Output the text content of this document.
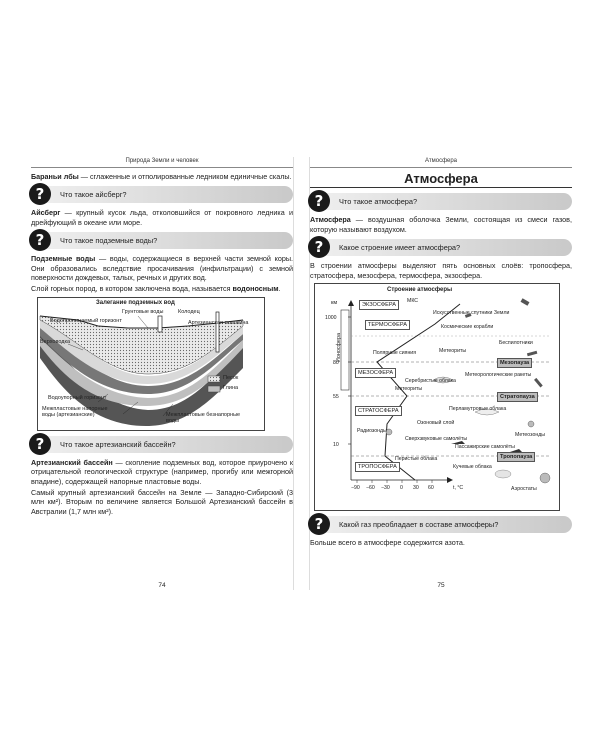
Природа Земли и человек

Бараньи лбы — сглаженные и отполированные ледником единичные скалы.

?	Что такое айсберг?

Айсберг — крупный кусок льда, отколовшийся от покровного ледника и дрейфующий в океане или море.

?	Что такое подземные воды?

Подземные воды — воды, содержащиеся в верхней части земной коры. Они образовались вследствие просачивания (инфильтрации) с земной поверхности дождевых, талых, речных и других вод.

Слой горных пород, в котором заключена вода, называется водоносным.

Залегание подземных вод
Грунтовые воды	Колодец
Водопроницаемый горизонт	Артезианская скважина
Верховодка
Песок
Глина
Водоупорный горизонт
Межпластовые напорные воды (артезианские)	Межпластовые безнапорные воды
?	Что такое артезианский бассейн?

Артезианский бассейн — скопление подземных вод, которое приурочено к отрицательной геологической структуре (например, прогибу или межгорной впадине), содержащей напорные пластовые воды.

Самый крупный артезианский бассейн на Земле — Западно-Сибирский (3 млн км²). Вторым по величине является Большой Артезианский бассейн в Австралии (1,7 млн км²).

74
Атмосфера
Атмосфера
?	Что такое атмосфера?

Атмосфера — воздушная оболочка Земли, состоящая из смеси газов, которую называют воздухом.

?	Какое строение имеет атмосфера?

В строении атмосферы выделяют пять основных слоёв: тропосфера, стратосфера, мезосфера, термосфера, экзосфера.

Строение атмосферы
км
Ионосфера
1000
80
55
10
ЭКЗОСФЕРА
ТЕРМОСФЕРА
МЕЗОСФЕРА
СТРАТОСФЕРА
ТРОПОСФЕРА
Мезопауза
Стратопауза
Тропопауза
МКС
Искусственные спутники Земли
Космические корабли
Беспилотники
Полярные сияния	Метеориты
Метеорологические ракеты
Серебристые облака
Метеориты
Перламутровые облака
Озоновый слой
Радиозонды
Сверхзвуковые самолёты
Метеозонды
Пассажирские самолёты
Перистые облака
Кучевые облака
Аэростаты
−90 −60 −30 0 30 60	t, °C
?	Какой газ преобладает в составе атмосферы?

Больше всего в атмосфере содержится азота.

75
